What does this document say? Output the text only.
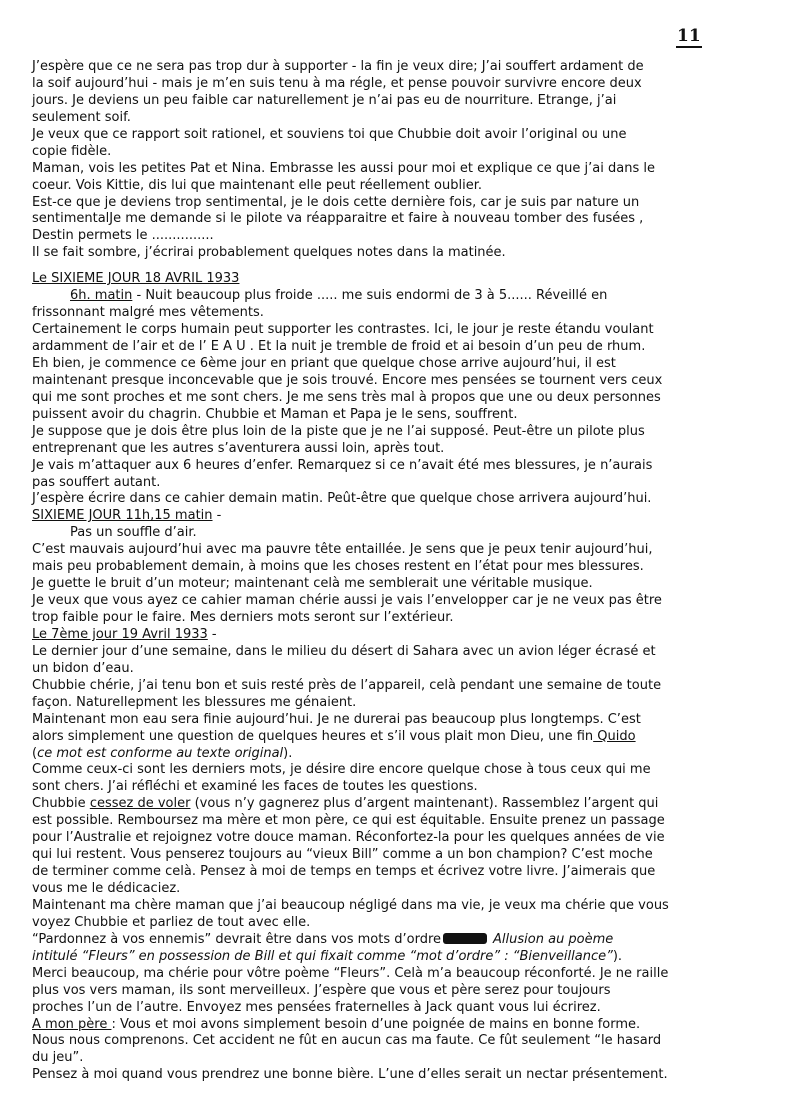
11
J’espère que ce ne sera pas trop dur à supporter - la fin je veux dire; J’ai souffert ardament de
la soif aujourd’hui - mais je m’en suis tenu à ma régle, et pense pouvoir survivre encore deux
jours. Je deviens un peu faible car naturellement je n’ai pas eu de nourriture. Etrange, j’ai
seulement soif.
Je veux que ce rapport soit rationel, et souviens toi que Chubbie doit avoir l’original ou une
copie fidèle.
Maman, vois les petites Pat et Nina. Embrasse les aussi pour moi et explique ce que j’ai dans le
coeur. Vois Kittie, dis lui que maintenant elle peut réellement oublier.
Est-ce que je deviens trop sentimental, je le dois cette dernière fois, car je suis par nature un
sentimentalJe me demande si le pilote va réapparaitre et faire à nouveau tomber des fusées ,
Destin permets le ...............
Il se fait sombre, j’écrirai probablement quelques notes dans la matinée.
Le SIXIEME JOUR 18 AVRIL 1933
6h. matin - Nuit beaucoup plus froide ..... me suis endormi de 3 à 5...... Réveillé en
frissonnant malgré mes vêtements.
Certainement le corps humain peut supporter les contrastes. Ici, le jour je reste étandu voulant
ardamment de l’air et de l’ E A U . Et la nuit je tremble de froid et ai besoin d’un peu de rhum.
Eh bien, je commence ce 6ème jour en priant que quelque chose arrive aujourd’hui, il est
maintenant presque inconcevable que je sois trouvé. Encore mes pensées se tournent vers ceux
qui me sont proches et me sont chers. Je me sens très mal à propos que une ou deux personnes
puissent avoir du chagrin. Chubbie et Maman et Papa je le sens, souffrent.
Je suppose que je dois être plus loin de la piste que je ne l’ai supposé. Peut-être un pilote plus
entreprenant que les autres s’aventurera aussi loin, après tout.
Je vais m’attaquer aux 6 heures d’enfer. Remarquez si ce n’avait été mes blessures, je n’aurais
pas souffert autant.
J’espère écrire dans ce cahier demain matin. Peût-être que quelque chose arrivera aujourd’hui.
SIXIEME JOUR 11h,15 matin -
Pas un souffle d’air.
C’est mauvais aujourd’hui avec ma pauvre tête entaillée. Je sens que je peux tenir aujourd’hui,
mais peu probablement demain, à moins que les choses restent en l’état pour mes blessures.
Je guette le bruit d’un moteur; maintenant celà me semblerait une véritable musique.
Je veux que vous ayez ce cahier maman chérie aussi je vais l’envelopper car je ne veux pas être
trop faible pour le faire. Mes derniers mots seront sur l’extérieur.
Le 7ème jour 19 Avril 1933 -
Le dernier jour d’une semaine, dans le milieu du désert di Sahara avec un avion léger écrasé et
un bidon d’eau.
Chubbie chérie, j’ai tenu bon et suis resté près de l’appareil, celà pendant une semaine de toute
façon. Naturellepment les blessures me génaient.
Maintenant mon eau sera finie aujourd’hui. Je ne durerai pas beaucoup plus longtemps. C’est
alors simplement une question de quelques heures et s’il vous plait mon Dieu, une fin Quido
(ce mot est conforme au texte original).
Comme ceux-ci sont les derniers mots, je désire dire encore quelque chose à tous ceux qui me
sont chers. J’ai réfléchi et examiné les faces de toutes les questions.
Chubbie cessez de voler (vous n’y gagnerez plus d’argent maintenant). Rassemblez l’argent qui
est possible. Remboursez ma mère et mon père, ce qui est équitable. Ensuite prenez un passage
pour l’Australie et rejoignez votre douce maman. Réconfortez-la pour les quelques années de vie
qui lui restent. Vous penserez toujours au “vieux Bill” comme a un bon champion? C’est moche
de terminer comme celà. Pensez à moi de temps en temps et écrivez votre livre. J’aimerais que
vous me le dédicaciez.
Maintenant ma chère maman que j’ai beaucoup négligé dans ma vie, je veux ma chérie que vous
voyez Chubbie et parliez de tout avec elle.
“Pardonnez à vos ennemis” devrait être dans vos mots d’ordre	Allusion au poème
intitulé “Fleurs” en possession de Bill et qui fixait comme “mot d’ordre” : “Bienveillance”).
Merci beaucoup, ma chérie pour vôtre poème “Fleurs”. Celà m’a beaucoup réconforté. Je ne raille
plus vos vers maman, ils sont merveilleux. J’espère que vous et père serez pour toujours
proches l’un de l’autre. Envoyez mes pensées fraternelles à Jack quant vous lui écrirez.
A mon père : Vous et moi avons simplement besoin d’une poignée de mains en bonne forme.
Nous nous comprenons. Cet accident ne fût en aucun cas ma faute. Ce fût seulement “le hasard
du jeu”.
Pensez à moi quand vous prendrez une bonne bière. L’une d’elles serait un nectar présentement.
